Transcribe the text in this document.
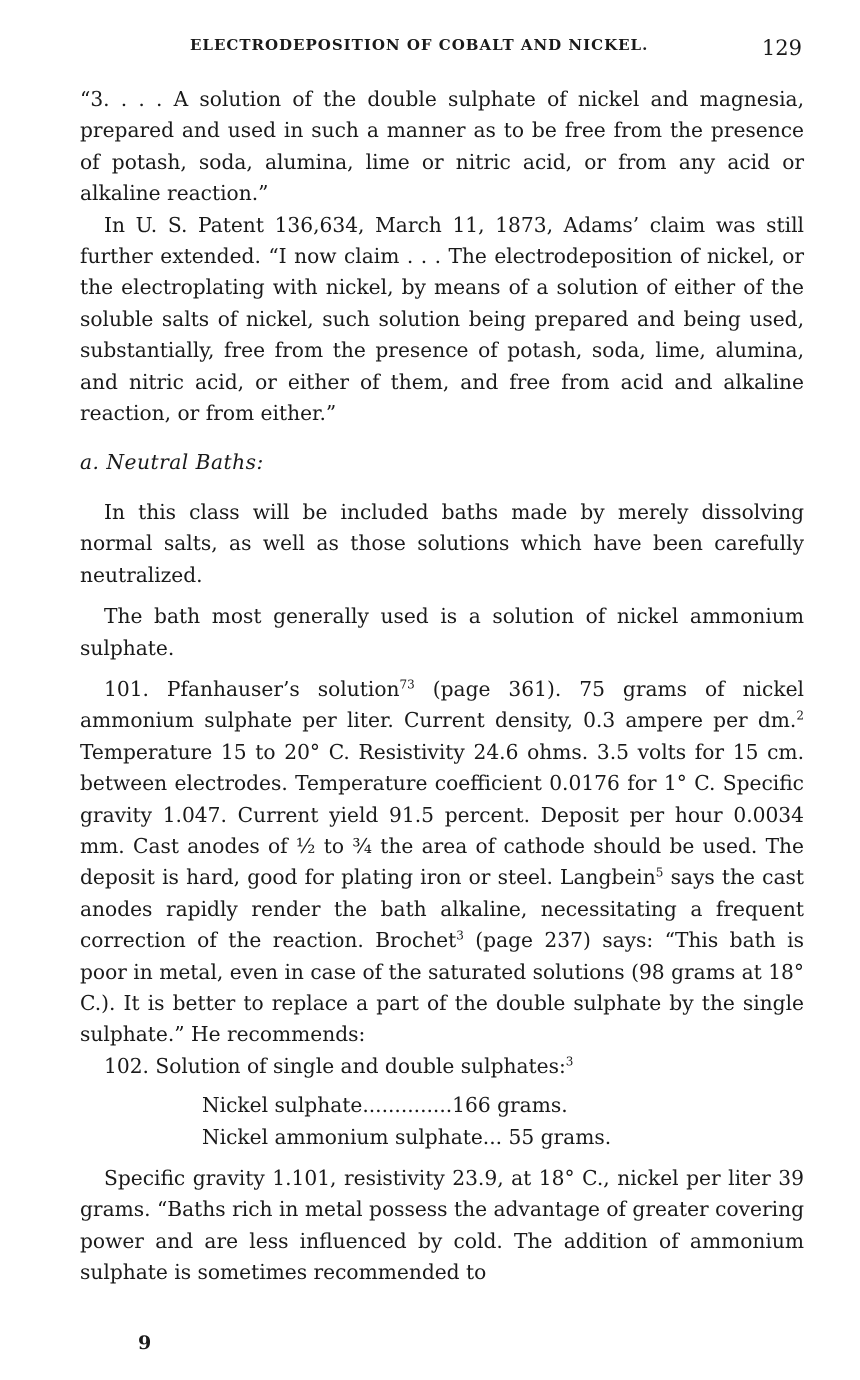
ELECTRODEPOSITION OF COBALT AND NICKEL.	129

“3. . . . A solution of the double sulphate of nickel and magnesia, prepared and used in such a manner as to be free from the presence of potash, soda, alumina, lime or nitric acid, or from any acid or alkaline reaction.”

In U. S. Patent 136,634, March 11, 1873, Adams’ claim was still further extended. “I now claim . . . The electrodeposition of nickel, or the electroplating with nickel, by means of a solution of either of the soluble salts of nickel, such solution being prepared and being used, substantially, free from the presence of potash, soda, lime, alumina, and nitric acid, or either of them, and free from acid and alkaline reaction, or from either.”

a. Neutral Baths:

In this class will be included baths made by merely dissolving normal salts, as well as those solutions which have been carefully neutralized.

The bath most generally used is a solution of nickel ammonium sulphate.

101. Pfanhauser’s solution$^{73}$ (page 361). 75 grams of nickel ammonium sulphate per liter. Current density, 0.3 ampere per dm.$^2$ Temperature 15 to 20° C. Resistivity 24.6 ohms. 3.5 volts for 15 cm. between electrodes. Temperature coefficient 0.0176 for 1° C. Specific gravity 1.047. Current yield 91.5 percent. Deposit per hour 0.0034 mm. Cast anodes of ½ to ¾ the area of cathode should be used. The deposit is hard, good for plating iron or steel. Langbein$^5$ says the cast anodes rapidly render the bath alkaline, necessitating a frequent correction of the reaction. Brochet$^3$ (page 237) says: “This bath is poor in metal, even in case of the saturated solutions (98 grams at 18° C.). It is better to replace a part of the double sulphate by the single sulphate.” He recommends:

102. Solution of single and double sulphates:$^3$

Nickel sulphate.............. 166 grams.
Nickel ammonium sulphate... 55 grams.

Specific gravity 1.101, resistivity 23.9, at 18° C., nickel per liter 39 grams. “Baths rich in metal possess the advantage of greater covering power and are less influenced by cold. The addition of ammonium sulphate is sometimes recommended to

9
